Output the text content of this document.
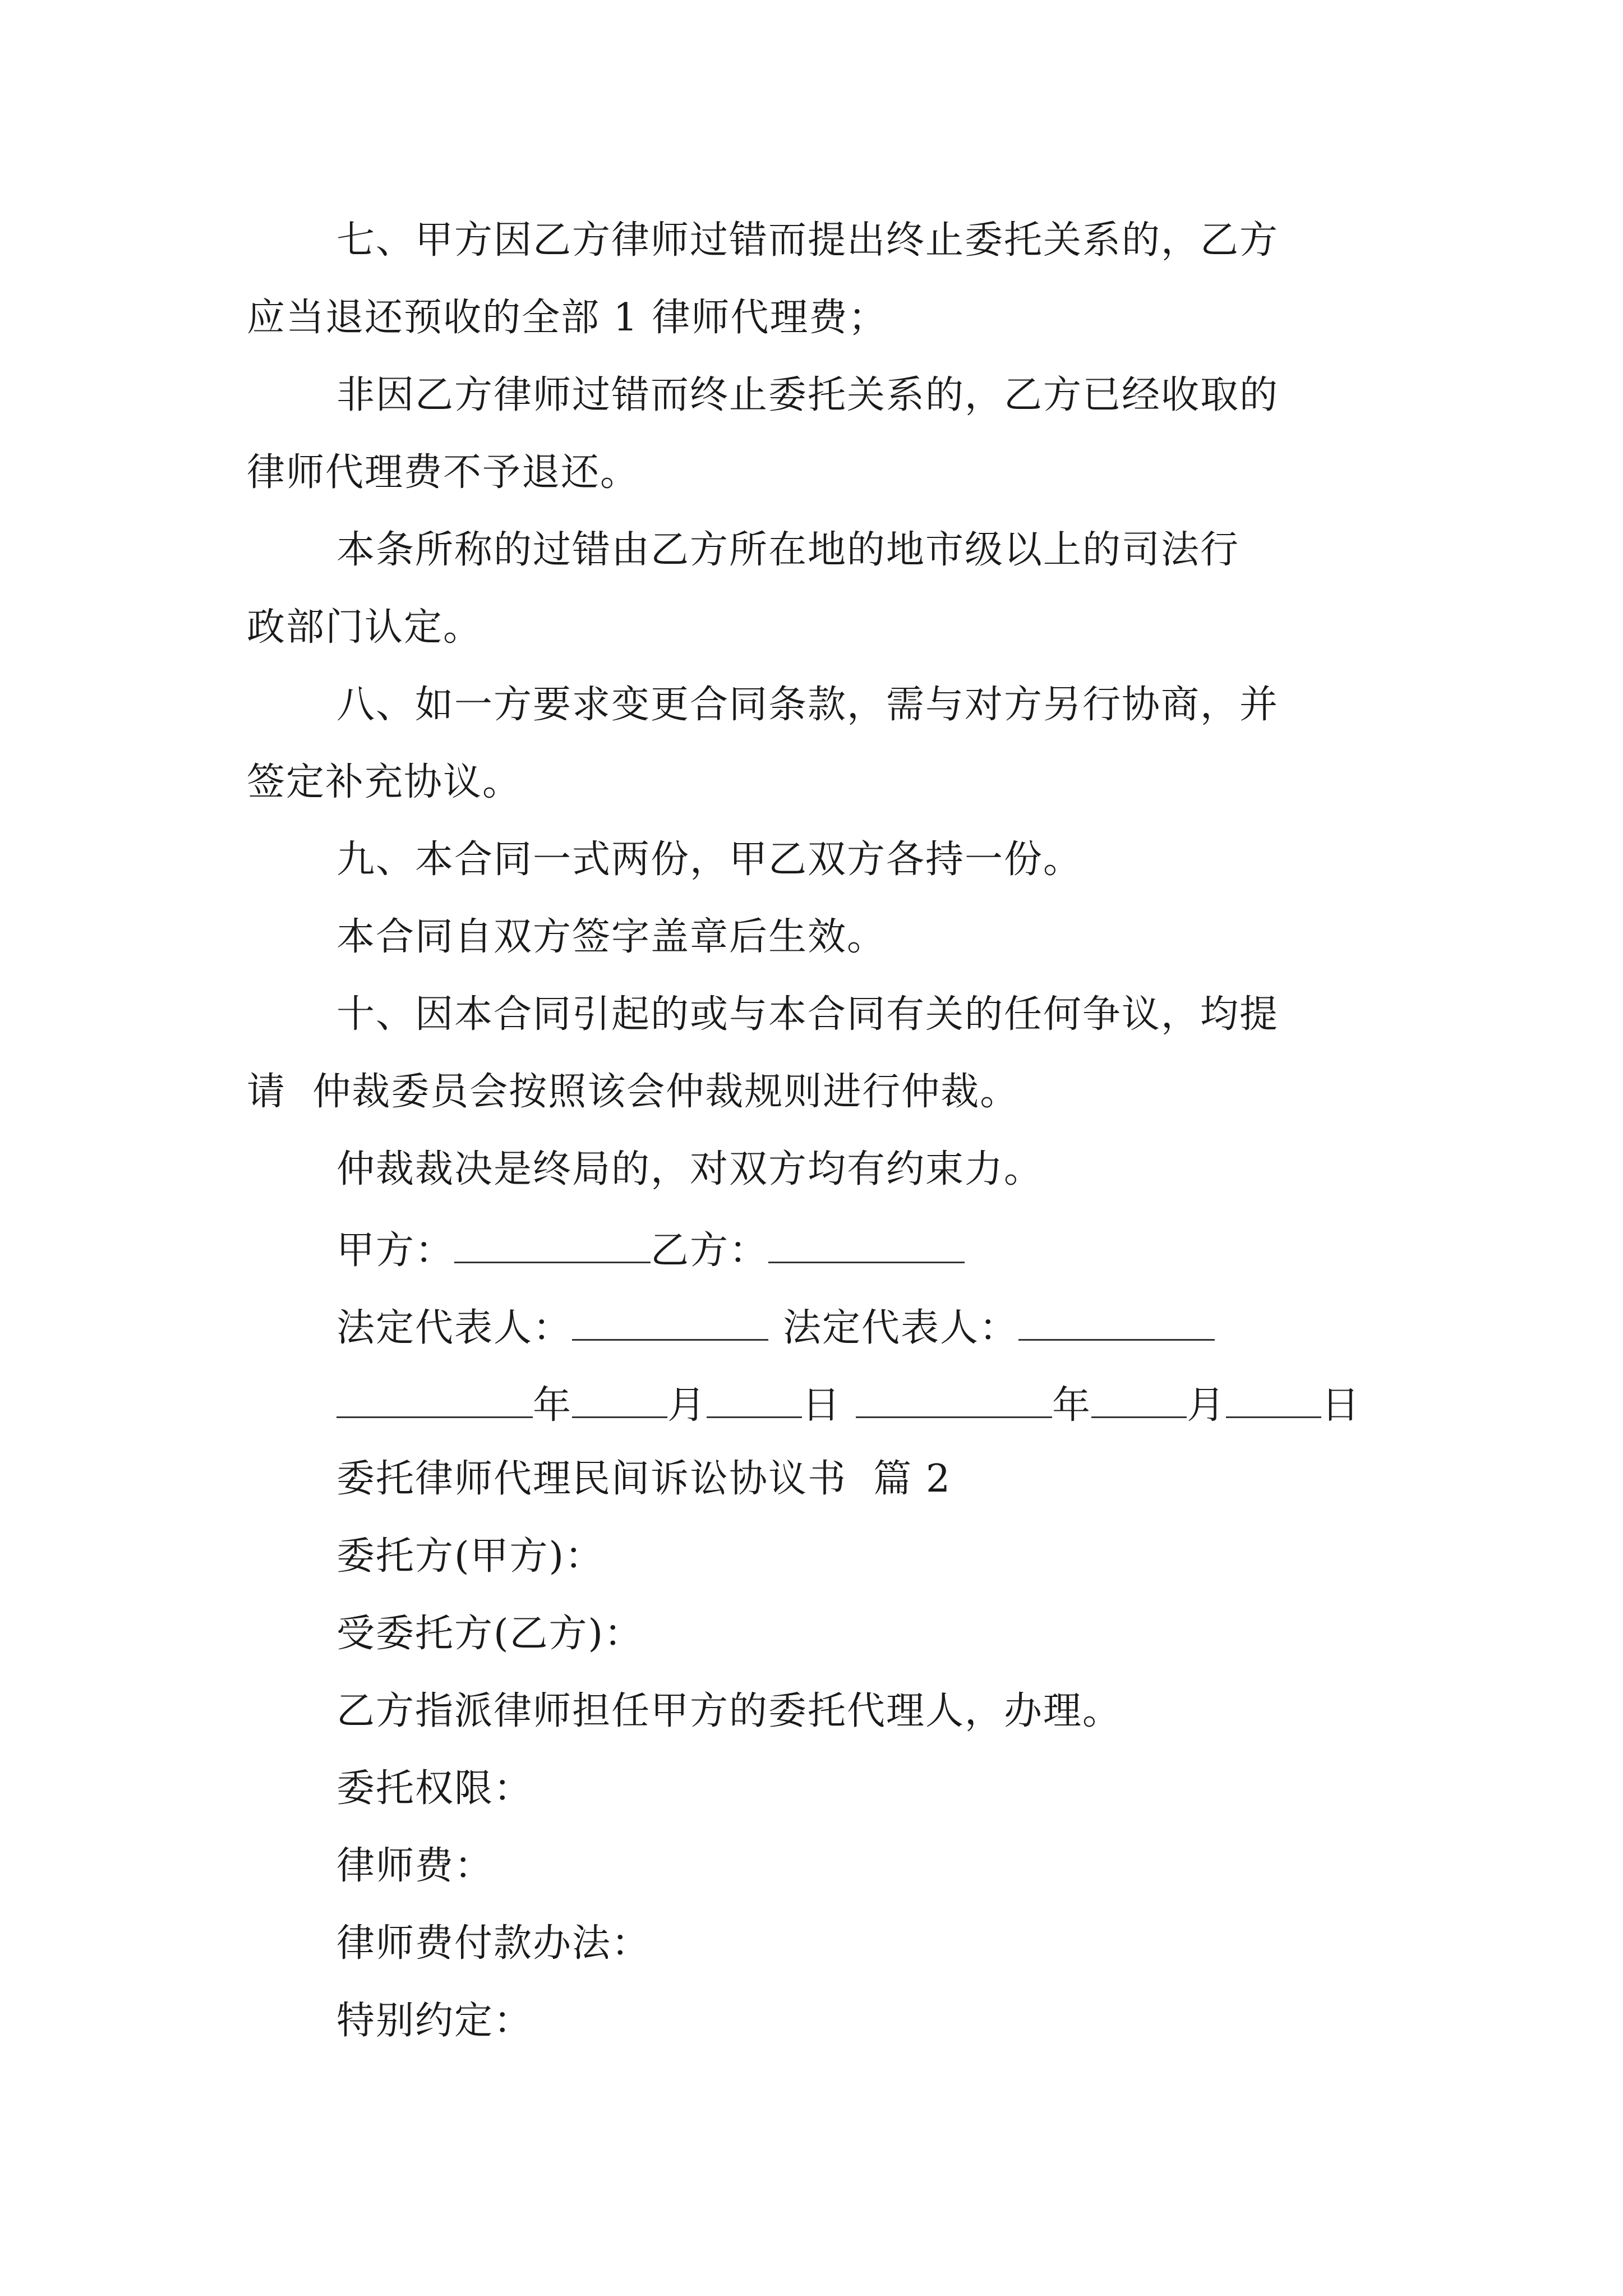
七、甲方因乙方律师过错而提出终止委托关系的，乙方
应当退还预收的全部 1 律师代理费；
非因乙方律师过错而终止委托关系的，乙方已经收取的
律师代理费不予退还。
本条所称的过错由乙方所在地的地市级以上的司法行
政部门认定。
八、如一方要求变更合同条款，需与对方另行协商，并
签定补充协议。
九、本合同一式两份，甲乙双方各持一份。
本合同自双方签字盖章后生效。
十、因本合同引起的或与本合同有关的任何争议，均提
请  仲裁委员会按照该会仲裁规则进行仲裁。
仲裁裁决是终局的，对双方均有约束力。
甲方：	乙方：
法定代表人：	法定代表人：
年	月	日	年	月	日
委托律师代理民间诉讼协议书  篇 2
委托方(甲方)：
受委托方(乙方)：
乙方指派律师担任甲方的委托代理人，办理。
委托权限：
律师费：
律师费付款办法：
特别约定：
